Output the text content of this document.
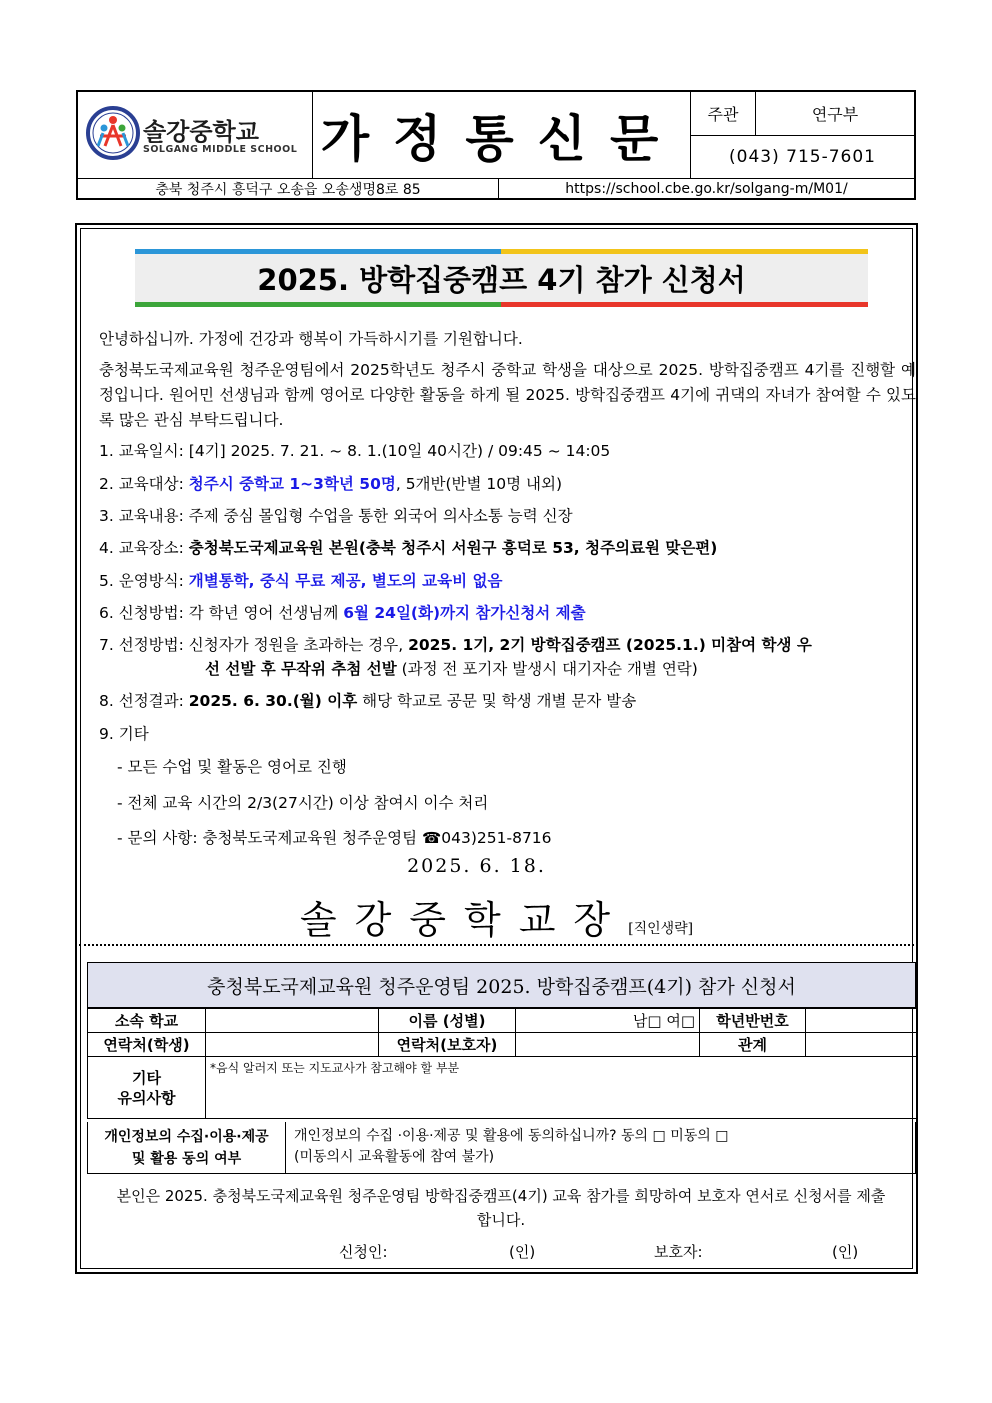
솔강중학교
SOLGANG MIDDLE SCHOOL 가정통신문	주관	연구부
(043) 715-7601
충북 청주시 흥덕구 오송읍 오송생명8로 85	https://school.cbe.go.kr/solgang-m/M01/
2025. 방학집중캠프 4기 참가 신청서
안녕하십니까. 가정에 건강과 행복이 가득하시기를 기원합니다.
충청북도국제교육원 청주운영팀에서 2025학년도 청주시 중학교 학생을 대상으로 2025. 방학집중캠프 4기를 진행할 예정입니다. 원어민 선생님과 함께 영어로 다양한 활동을 하게 될 2025. 방학집중캠프 4기에 귀댁의 자녀가 참여할 수 있도록 많은 관심 부탁드립니다.
1. 교육일시: [4기] 2025. 7. 21. ~ 8. 1.(10일 40시간) / 09:45 ~ 14:05
2. 교육대상: 청주시 중학교 1~3학년 50명, 5개반(반별 10명 내외)
3. 교육내용: 주제 중심 몰입형 수업을 통한 외국어 의사소통 능력 신장
4. 교육장소: 충청북도국제교육원 본원(충북 청주시 서원구 흥덕로 53, 청주의료원 맞은편)
5. 운영방식: 개별통학, 중식 무료 제공, 별도의 교육비 없음
6. 신청방법: 각 학년 영어 선생님께 6월 24일(화)까지 참가신청서 제출
7. 선정방법: 신청자가 정원을 초과하는 경우, 2025. 1기, 2기 방학집중캠프 (2025.1.) 미참여 학생 우
선 선발 후 무작위 추첨 선발 (과정 전 포기자 발생시 대기자순 개별 연락)
8. 선정결과: 2025. 6. 30.(월) 이후 해당 학교로 공문 및 학생 개별 문자 발송
9. 기타
- 모든 수업 및 활동은 영어로 진행
- 전체 교육 시간의 2/3(27시간) 이상 참여시 이수 처리
- 문의 사항: 충청북도국제교육원 청주운영팀 ☎043)251-8716
2025. 6. 18.
솔강중학교장[직인생략]
충청북도국제교육원 청주운영팀 2025. 방학집중캠프(4기) 참가 신청서
소속 학교		이름 (성별)	남□ 여□	학년반번호	
연락처(학생)		연락처(보호자)		관계	

기타
유의사항	*음식 알러지 또는 지도교사가 참고해야 할 부분				
개인정보의 수집·이용·제공
및 활용 동의 여부
개인정보의 수집 ·이용·제공 및 활용에 동의하십니까? 동의 □ 미동의 □
(미동의시 교육활동에 참여 불가)
본인은 2025. 충청북도국제교육원 청주운영팀 방학집중캠프(4기) 교육 참가를 희망하여 보호자 연서로 신청서를 제출합니다.
신청인:	(인)	보호자:	(인)
